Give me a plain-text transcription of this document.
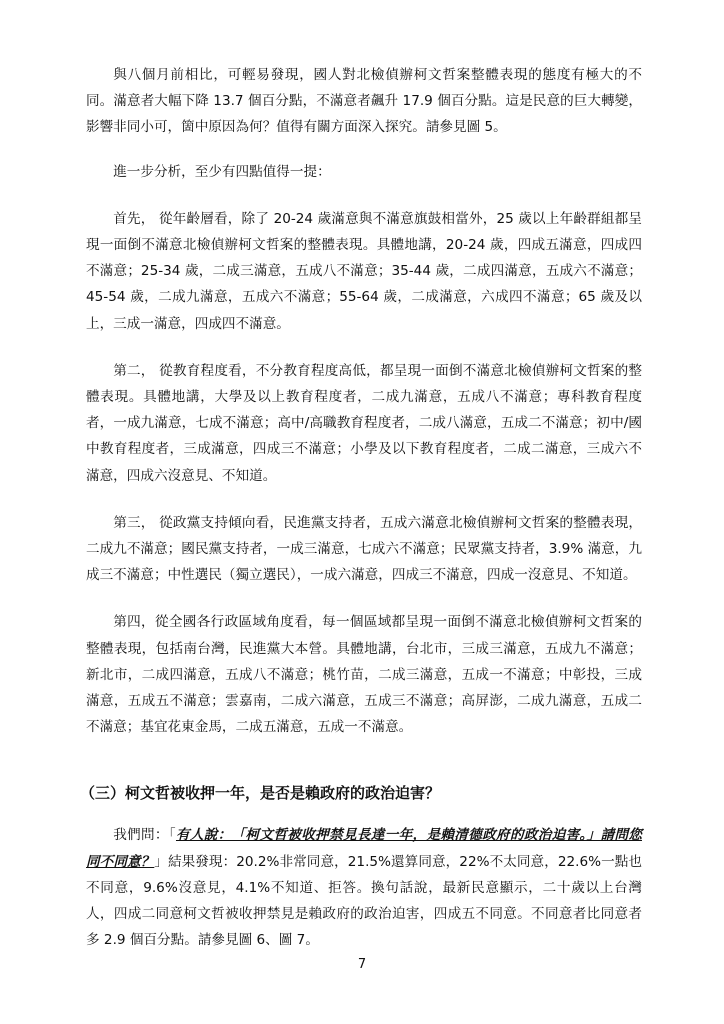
與八個月前相比，可輕易發現，國人對北檢偵辦柯文哲案整體表現的態度有極大的不同。滿意者大幅下降 13.7 個百分點，不滿意者飆升 17.9 個百分點。這是民意的巨大轉變，影響非同小可，箇中原因為何？值得有關方面深入探究。請參見圖 5。

進一步分析，至少有四點值得一提：

首先， 從年齡層看，除了 20-24 歲滿意與不滿意旗鼓相當外，25 歲以上年齡群組都呈現一面倒不滿意北檢偵辦柯文哲案的整體表現。具體地講，20-24 歲，四成五滿意，四成四不滿意；25-34 歲，二成三滿意，五成八不滿意；35-44 歲，二成四滿意，五成六不滿意；45-54 歲，二成九滿意，五成六不滿意；55-64 歲，二成滿意，六成四不滿意；65 歲及以上，三成一滿意，四成四不滿意。

第二， 從教育程度看，不分教育程度高低，都呈現一面倒不滿意北檢偵辦柯文哲案的整體表現。具體地講，大學及以上教育程度者，二成九滿意，五成八不滿意；專科教育程度者，一成九滿意，七成不滿意；高中/高職教育程度者，二成八滿意，五成二不滿意；初中/國中教育程度者，三成滿意，四成三不滿意；小學及以下教育程度者，二成二滿意，三成六不滿意，四成六沒意見、不知道。

第三， 從政黨支持傾向看，民進黨支持者，五成六滿意北檢偵辦柯文哲案的整體表現，二成九不滿意；國民黨支持者，一成三滿意，七成六不滿意；民眾黨支持者，3.9% 滿意，九成三不滿意；中性選民（獨立選民），一成六滿意，四成三不滿意，四成一沒意見、不知道。

第四，從全國各行政區域角度看，每一個區域都呈現一面倒不滿意北檢偵辦柯文哲案的整體表現，包括南台灣，民進黨大本營。具體地講，台北市，三成三滿意，五成九不滿意；新北市，二成四滿意，五成八不滿意；桃竹苗，二成三滿意，五成一不滿意；中彰投，三成滿意，五成五不滿意；雲嘉南，二成六滿意，五成三不滿意；高屏澎，二成九滿意，五成二不滿意；基宜花東金馬，二成五滿意，五成一不滿意。

（三）柯文哲被收押一年，是否是賴政府的政治迫害？

我們問：「有人說：「柯文哲被收押禁見長達一年，是賴清德政府的政治迫害。」請問您同不同意？」結果發現：20.2%非常同意，21.5%還算同意，22%不太同意，22.6%一點也不同意，9.6%沒意見，4.1%不知道、拒答。換句話說，最新民意顯示，二十歲以上台灣人，四成二同意柯文哲被收押禁見是賴政府的政治迫害，四成五不同意。不同意者比同意者多 2.9 個百分點。請參見圖 6、圖 7。

7
